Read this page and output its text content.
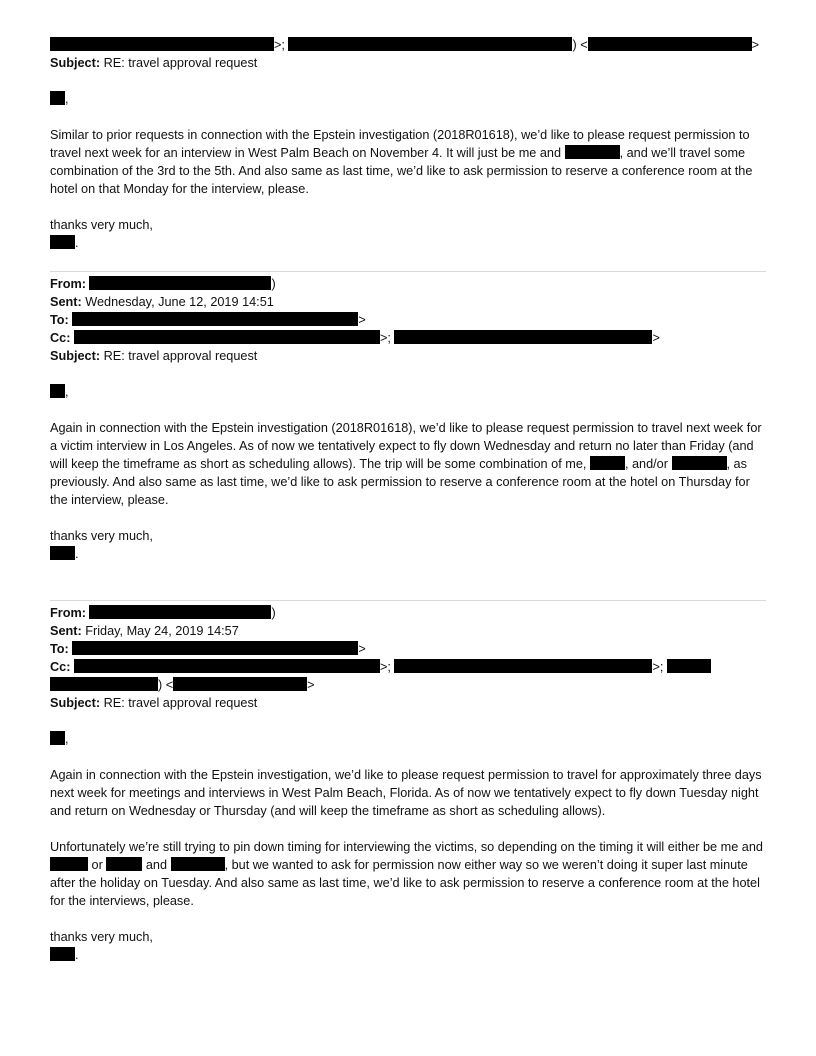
>;	) <	>
Subject: RE: travel approval request
,
Similar to prior requests in connection with the Epstein investigation (2018R01618), we’d like to please request permission to travel next week for an interview in West Palm Beach on November 4. It will just be me and	, and we’ll travel some combination of the 3rd to the 5th. And also same as last time, we’d like to ask permission to reserve a conference room at the hotel on that Monday for the interview, please.
thanks very much,
.
From:	)
Sent: Wednesday, June 12, 2019 14:51
To:	>
Cc:	>;	>
Subject: RE: travel approval request
,
Again in connection with the Epstein investigation (2018R01618), we’d like to please request permission to travel next week for a victim interview in Los Angeles. As of now we tentatively expect to fly down Wednesday and return no later than Friday (and will keep the timeframe as short as scheduling allows). The trip will be some combination of me,	, and/or	, as previously. And also same as last time, we’d like to ask permission to reserve a conference room at the hotel on Thursday for the interview, please.
thanks very much,
.
From:	)
Sent: Friday, May 24, 2019 14:57
To:	>
Cc:	>;	>;
) <	>
Subject: RE: travel approval request
,
Again in connection with the Epstein investigation, we’d like to please request permission to travel for approximately three days next week for meetings and interviews in West Palm Beach, Florida. As of now we tentatively expect to fly down Tuesday night and return on Wednesday or Thursday (and will keep the timeframe as short as scheduling allows).
Unfortunately we’re still trying to pin down timing for interviewing the victims, so depending on the timing it will either be me and  or	and	, but we wanted to ask for permission now either way so we weren’t doing it super last minute after the holiday on Tuesday. And also same as last time, we’d like to ask permission to reserve a conference room at the hotel for the interviews, please.
thanks very much,
.
